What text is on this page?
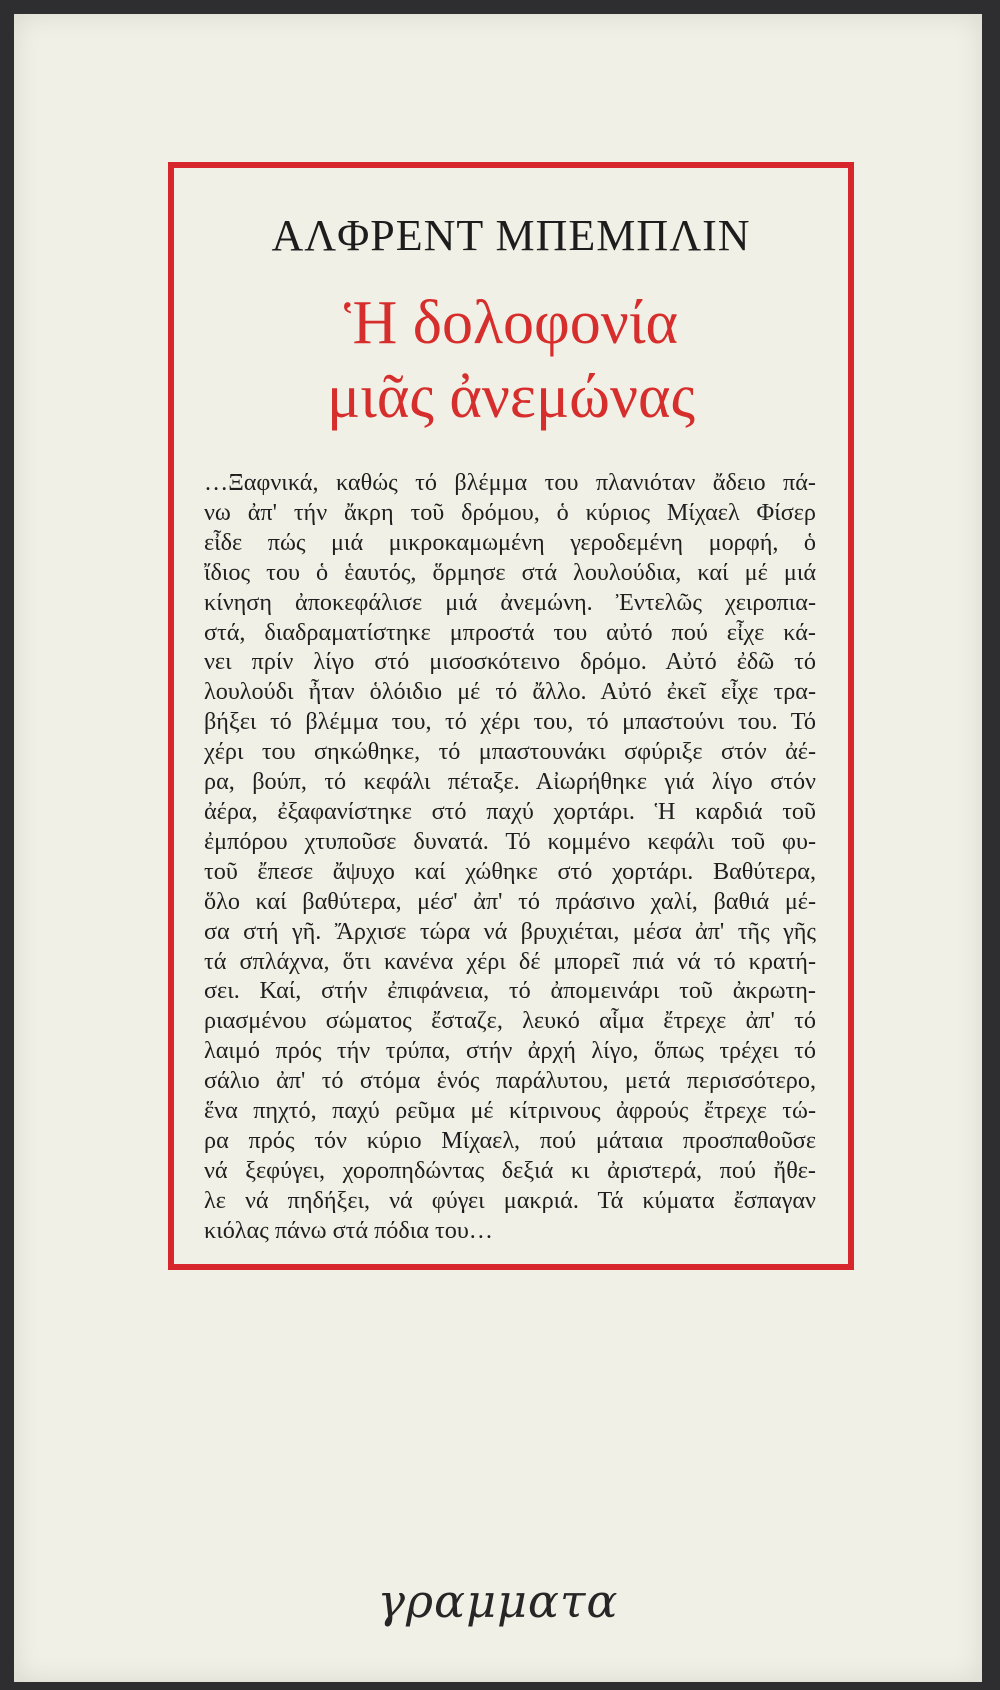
ΑΛΦΡΕΝΤ ΜΠΕΜΠΛΙΝ
Ἡ δολοφονία
μιᾶς ἀνεμώνας
…Ξαφνικά, καθώς τό βλέμμα του πλανιόταν ἄδειο πά-
νω ἀπ' τήν ἄκρη τοῦ δρόμου, ὁ κύριος Μίχαελ Φίσερ
εἶδε πώς μιά μικροκαμωμένη γεροδεμένη μορφή, ὁ
ἴδιος του ὁ ἑαυτός, ὅρμησε στά λουλούδια, καί μέ μιά
κίνηση ἀποκεφάλισε μιά ἀνεμώνη. Ἐντελῶς χειροπια-
στά, διαδραματίστηκε μπροστά του αὐτό πού εἶχε κά-
νει πρίν λίγο στό μισοσκότεινο δρόμο. Αὐτό ἐδῶ τό
λουλούδι ἦταν ὁλόιδιο μέ τό ἄλλο. Αὐτό ἐκεῖ εἶχε τρα-
βήξει τό βλέμμα του, τό χέρι του, τό μπαστούνι του. Τό
χέρι του σηκώθηκε, τό μπαστουνάκι σφύριξε στόν ἀέ-
ρα, βούπ, τό κεφάλι πέταξε. Αἰωρήθηκε γιά λίγο στόν
ἀέρα, ἐξαφανίστηκε στό παχύ χορτάρι. Ἡ καρδιά τοῦ
ἐμπόρου χτυποῦσε δυνατά. Τό κομμένο κεφάλι τοῦ φυ-
τοῦ ἔπεσε ἄψυχο καί χώθηκε στό χορτάρι. Βαθύτερα,
ὅλο καί βαθύτερα, μέσ' ἀπ' τό πράσινο χαλί, βαθιά μέ-
σα στή γῆ. Ἄρχισε τώρα νά βρυχιέται, μέσα ἀπ' τῆς γῆς
τά σπλάχνα, ὅτι κανένα χέρι δέ μπορεῖ πιά νά τό κρατή-
σει. Καί, στήν ἐπιφάνεια, τό ἀπομεινάρι τοῦ ἀκρωτη-
ριασμένου σώματος ἔσταζε, λευκό αἷμα ἔτρεχε ἀπ' τό
λαιμό πρός τήν τρύπα, στήν ἀρχή λίγο, ὅπως τρέχει τό
σάλιο ἀπ' τό στόμα ἑνός παράλυτου, μετά περισσότερο,
ἕνα πηχτό, παχύ ρεῦμα μέ κίτρινους ἀφρούς ἔτρεχε τώ-
ρα πρός τόν κύριο Μίχαελ, πού μάταια προσπαθοῦσε
νά ξεφύγει, χοροπηδώντας δεξιά κι ἀριστερά, πού ἤθε-
λε νά πηδήξει, νά φύγει μακριά. Τά κύματα ἔσπαγαν
κιόλας πάνω στά πόδια του…
γραμματα
